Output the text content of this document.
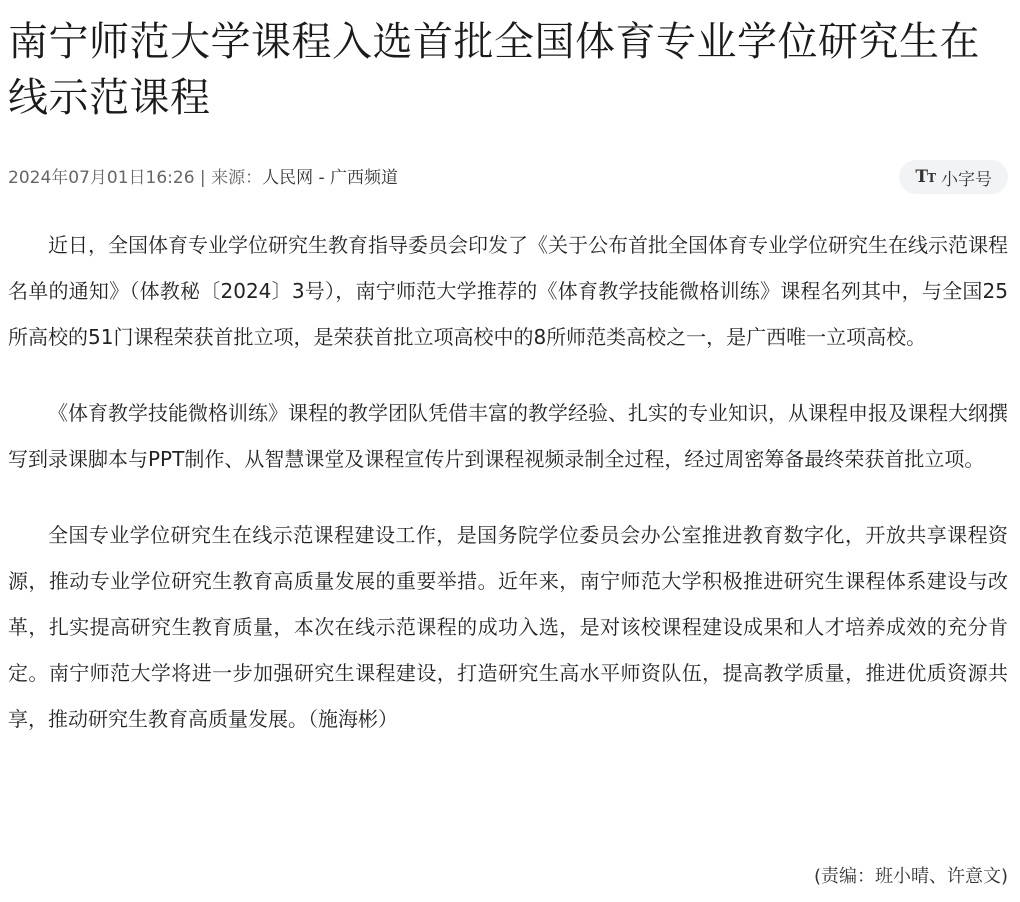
南宁师范大学课程入选首批全国体育专业学位研究生在线示范课程
2024年07月01日16:26 | 来源：人民网 - 广西频道	TT 小字号

近日，全国体育专业学位研究生教育指导委员会印发了《关于公布首批全国体育专业学位研究生在线示范课程名单的通知》（体教秘〔2024〕3号），南宁师范大学推荐的《体育教学技能微格训练》课程名列其中，与全国25所高校的51门课程荣获首批立项，是荣获首批立项高校中的8所师范类高校之一，是广西唯一立项高校。

《体育教学技能微格训练》课程的教学团队凭借丰富的教学经验、扎实的专业知识，从课程申报及课程大纲撰写到录课脚本与PPT制作、从智慧课堂及课程宣传片到课程视频录制全过程，经过周密筹备最终荣获首批立项。

全国专业学位研究生在线示范课程建设工作，是国务院学位委员会办公室推进教育数字化，开放共享课程资源，推动专业学位研究生教育高质量发展的重要举措。近年来，南宁师范大学积极推进研究生课程体系建设与改革，扎实提高研究生教育质量，本次在线示范课程的成功入选，是对该校课程建设成果和人才培养成效的充分肯定。南宁师范大学将进一步加强研究生课程建设，打造研究生高水平师资队伍，提高教学质量，推进优质资源共享，推动研究生教育高质量发展。（施海彬）

(责编：班小晴、许意文)
